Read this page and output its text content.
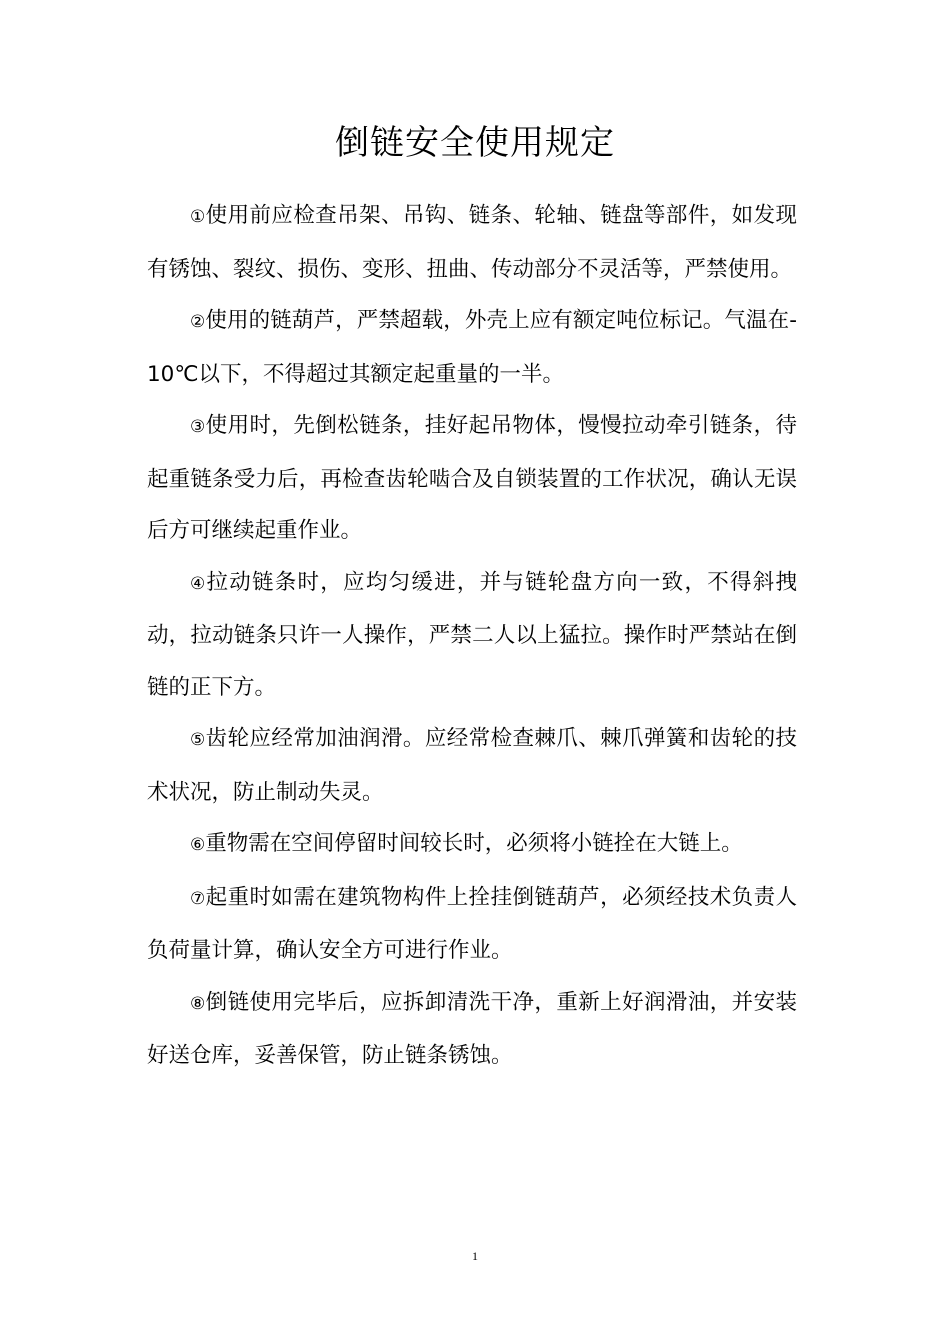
倒链安全使用规定

①使用前应检查吊架、吊钩、链条、轮轴、链盘等部件，如发现有锈蚀、裂纹、损伤、变形、扭曲、传动部分不灵活等，严禁使用。

②使用的链葫芦，严禁超载，外壳上应有额定吨位标记。气温在-10℃以下，不得超过其额定起重量的一半。

③使用时，先倒松链条，挂好起吊物体，慢慢拉动牵引链条，待起重链条受力后，再检查齿轮啮合及自锁装置的工作状况，确认无误后方可继续起重作业。

④拉动链条时，应均匀缓进，并与链轮盘方向一致，不得斜拽动，拉动链条只许一人操作，严禁二人以上猛拉。操作时严禁站在倒链的正下方。

⑤齿轮应经常加油润滑。应经常检查棘爪、棘爪弹簧和齿轮的技术状况，防止制动失灵。

⑥重物需在空间停留时间较长时，必须将小链拴在大链上。

⑦起重时如需在建筑物构件上拴挂倒链葫芦，必须经技术负责人负荷量计算，确认安全方可进行作业。

⑧倒链使用完毕后，应拆卸清洗干净，重新上好润滑油，并安装好送仓库，妥善保管，防止链条锈蚀。

1
